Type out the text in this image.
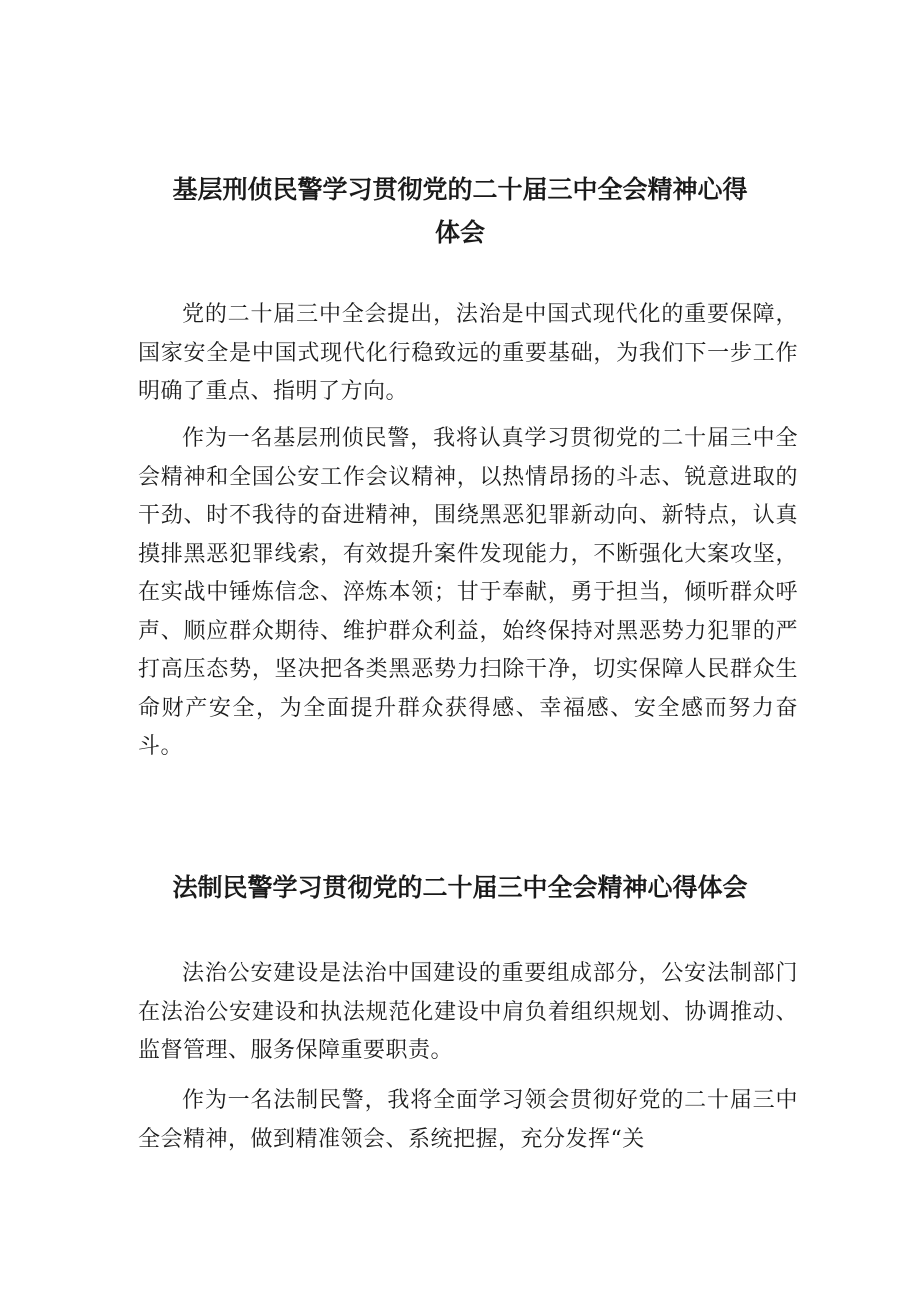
基层刑侦民警学习贯彻党的二十届三中全会精神心得
体会

党的二十届三中全会提出，法治是中国式现代化的重要保障，国家安全是中国式现代化行稳致远的重要基础，为我们下一步工作明确了重点、指明了方向。

作为一名基层刑侦民警，我将认真学习贯彻党的二十届三中全会精神和全国公安工作会议精神，以热情昂扬的斗志、锐意进取的干劲、时不我待的奋进精神，围绕黑恶犯罪新动向、新特点，认真摸排黑恶犯罪线索，有效提升案件发现能力，不断强化大案攻坚，在实战中锤炼信念、淬炼本领；甘于奉献，勇于担当，倾听群众呼声、顺应群众期待、维护群众利益，始终保持对黑恶势力犯罪的严打高压态势，坚决把各类黑恶势力扫除干净，切实保障人民群众生命财产安全，为全面提升群众获得感、幸福感、安全感而努力奋斗。

法制民警学习贯彻党的二十届三中全会精神心得体会

法治公安建设是法治中国建设的重要组成部分，公安法制部门在法治公安建设和执法规范化建设中肩负着组织规划、协调推动、监督管理、服务保障重要职责。

作为一名法制民警，我将全面学习领会贯彻好党的二十届三中全会精神，做到精准领会、系统把握，充分发挥“关
